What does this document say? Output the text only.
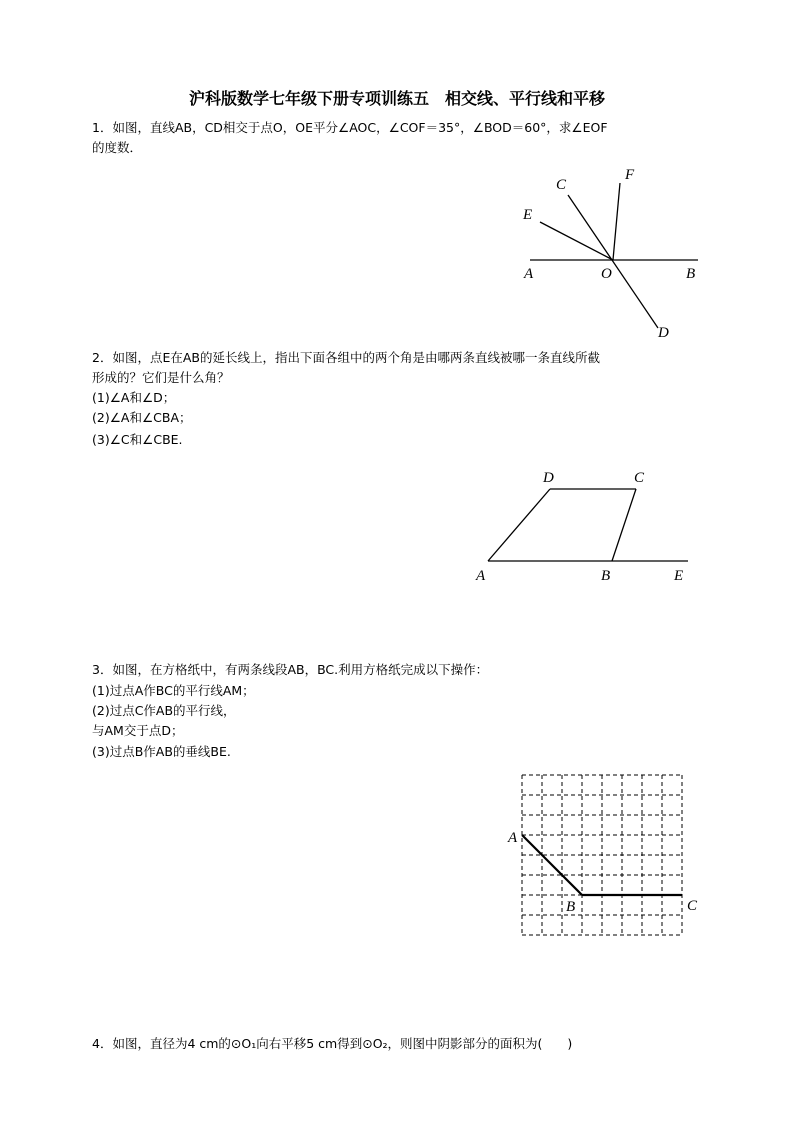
沪科版数学七年级下册专项训练五　相交线、平行线和平移
1．如图，直线AB，CD相交于点O，OE平分∠AOC，∠COF＝35°，∠BOD＝60°，求∠EOF
的度数．
A	O	B
C
E
F
D
2．如图，点E在AB的延长线上，指出下面各组中的两个角是由哪两条直线被哪一条直线所截
形成的？它们是什么角？
(1)∠A和∠D；
(2)∠A和∠CBA；
(3)∠C和∠CBE.
A	B	E
D	C
3．如图，在方格纸中，有两条线段AB，BC.利用方格纸完成以下操作：
(1)过点A作BC的平行线AM；
(2)过点C作AB的平行线，
与AM交于点D；
(3)过点B作AB的垂线BE.
A
B	C
4．如图，直径为4 cm的⊙O₁向右平移5 cm得到⊙O₂，则图中阴影部分的面积为(　　)
